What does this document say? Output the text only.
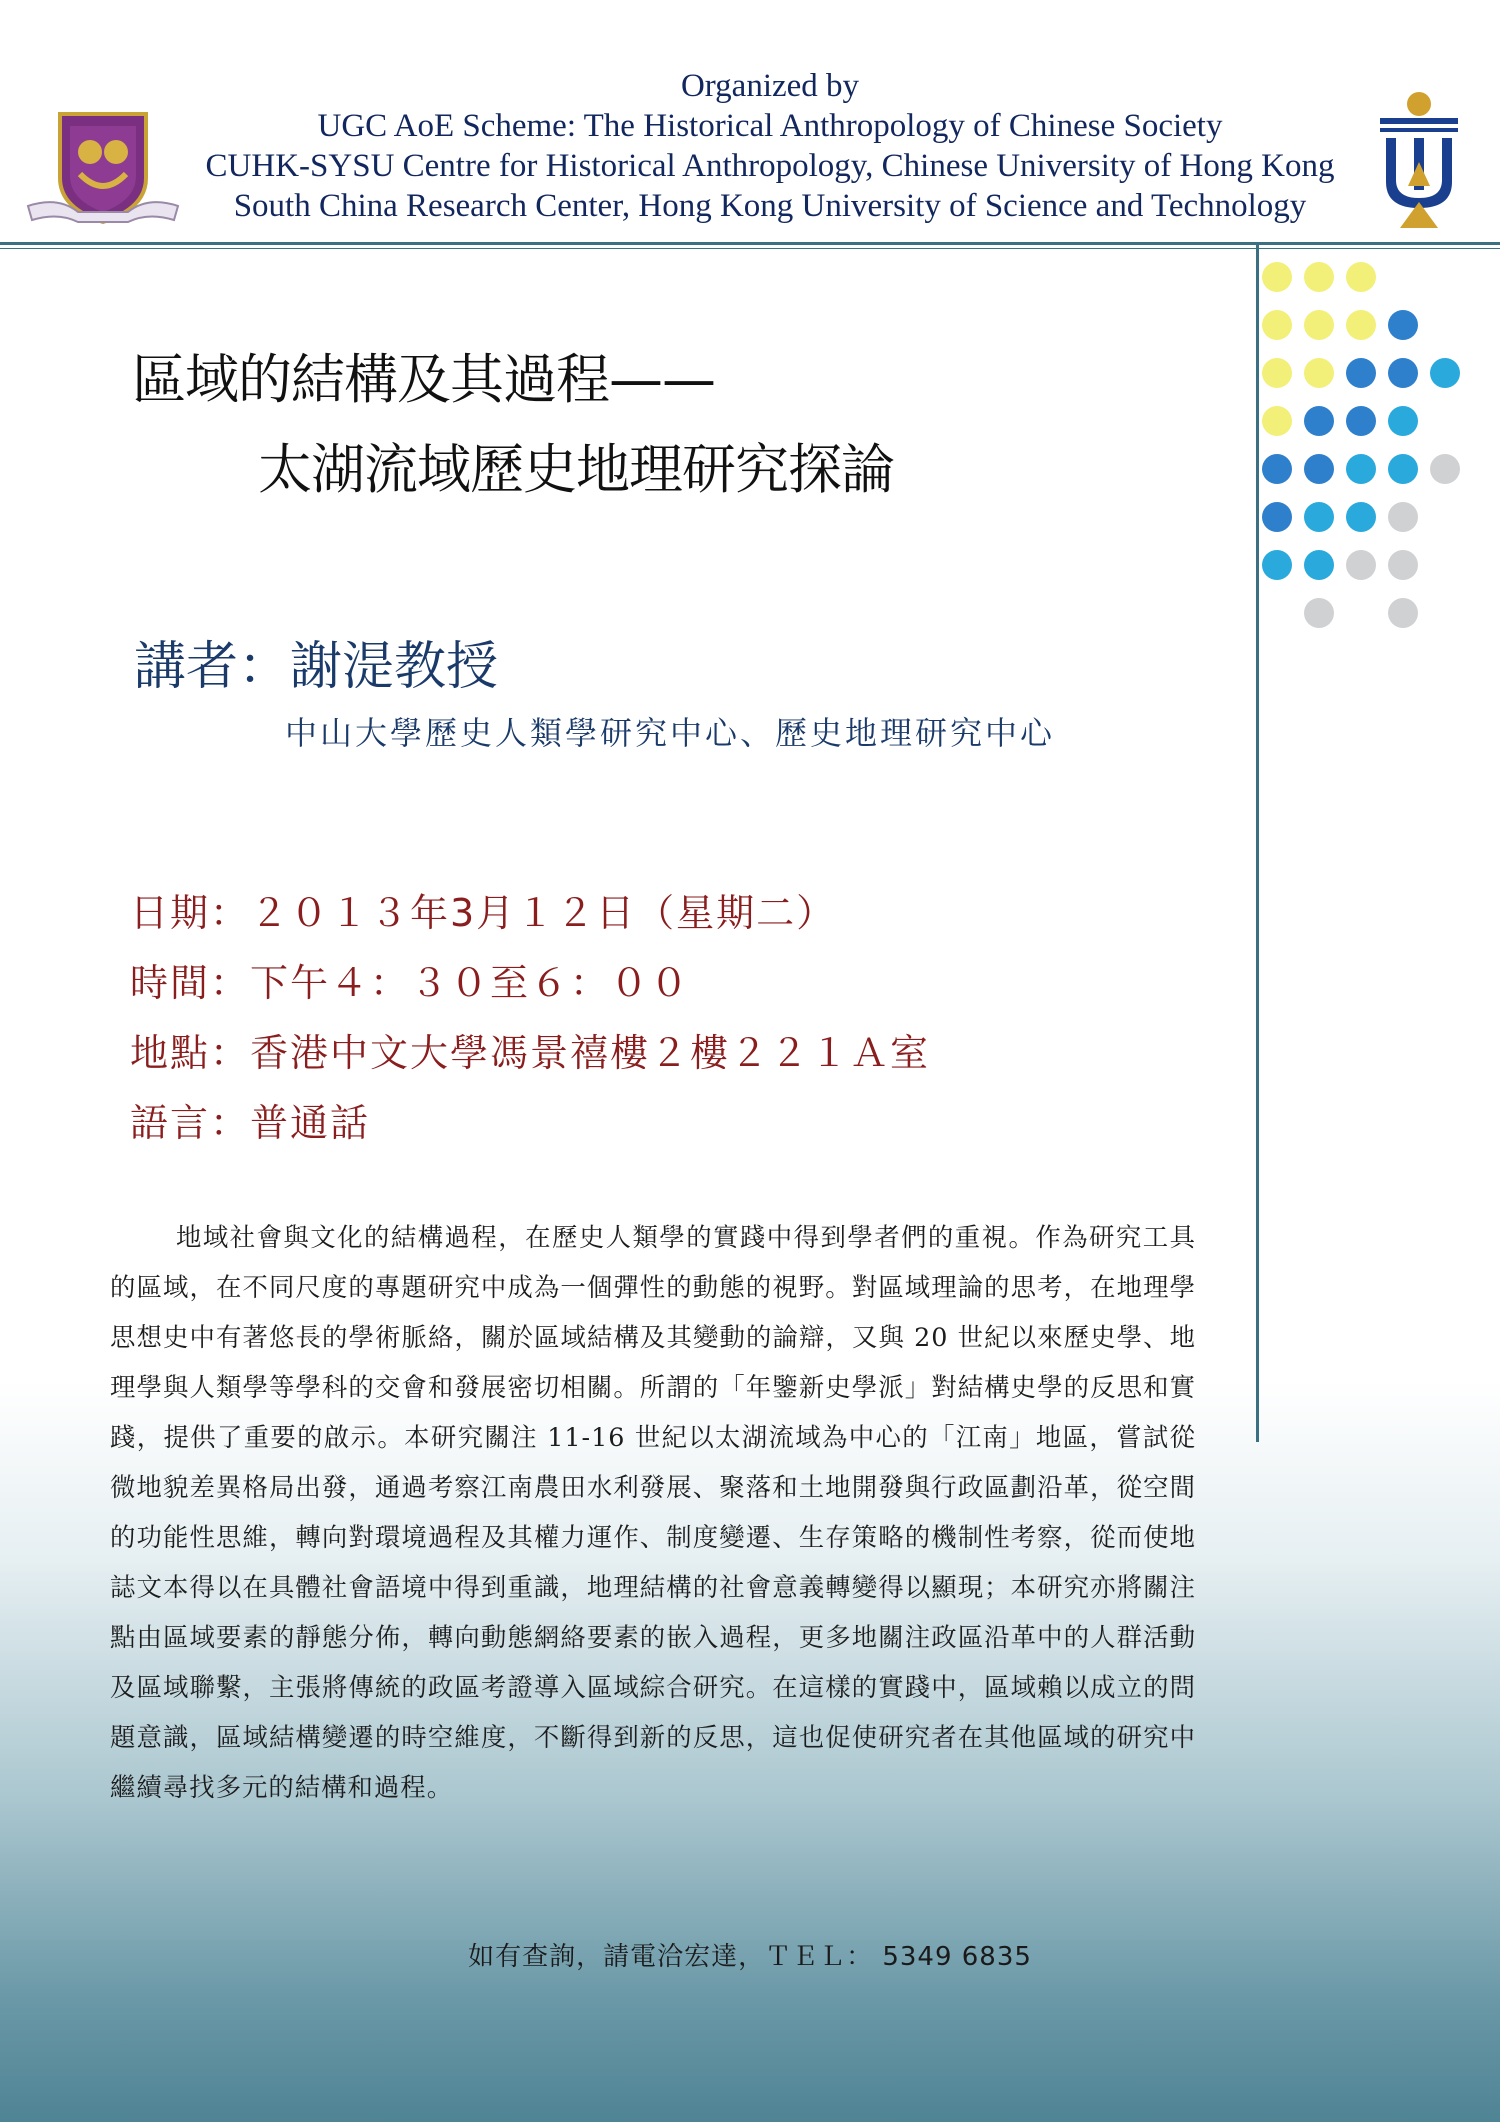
Organized by
UGC AoE Scheme: The Historical Anthropology of Chinese Society
CUHK-SYSU Centre for Historical Anthropology, Chinese University of Hong Kong
South China Research Center, Hong Kong University of Science and Technology
區域的結構及其過程——
太湖流域歷史地理研究探論
講者：謝湜教授
中山大學歷史人類學研究中心、歷史地理研究中心
日期：２０１３年3月１２日（星期二）
時間：下午４：３０至６：００
地點：香港中文大學馮景禧樓２樓２２１Ａ室
語言：普通話

地域社會與文化的結構過程，在歷史人類學的實踐中得到學者們的重視。作為研究工具的區域，在不同尺度的專題研究中成為一個彈性的動態的視野。對區域理論的思考，在地理學思想史中有著悠長的學術脈絡，關於區域結構及其變動的論辯，又與 20 世紀以來歷史學、地理學與人類學等學科的交會和發展密切相關。所謂的「年鑒新史學派」對結構史學的反思和實踐，提供了重要的啟示。本研究關注 11-16 世紀以太湖流域為中心的「江南」地區，嘗試從微地貌差異格局出發，通過考察江南農田水利發展、聚落和土地開發與行政區劃沿革，從空間的功能性思維，轉向對環境過程及其權力運作、制度變遷、生存策略的機制性考察，從而使地誌文本得以在具體社會語境中得到重識，地理結構的社會意義轉變得以顯現；本研究亦將關注點由區域要素的靜態分佈，轉向動態網絡要素的嵌入過程，更多地關注政區沿革中的人群活動及區域聯繫，主張將傳統的政區考證導入區域綜合研究。在這樣的實踐中，區域賴以成立的問題意識，區域結構變遷的時空維度，不斷得到新的反思，這也促使研究者在其他區域的研究中繼續尋找多元的結構和過程。

如有查詢，請電洽宏達，ＴＥＬ： 5349 6835
